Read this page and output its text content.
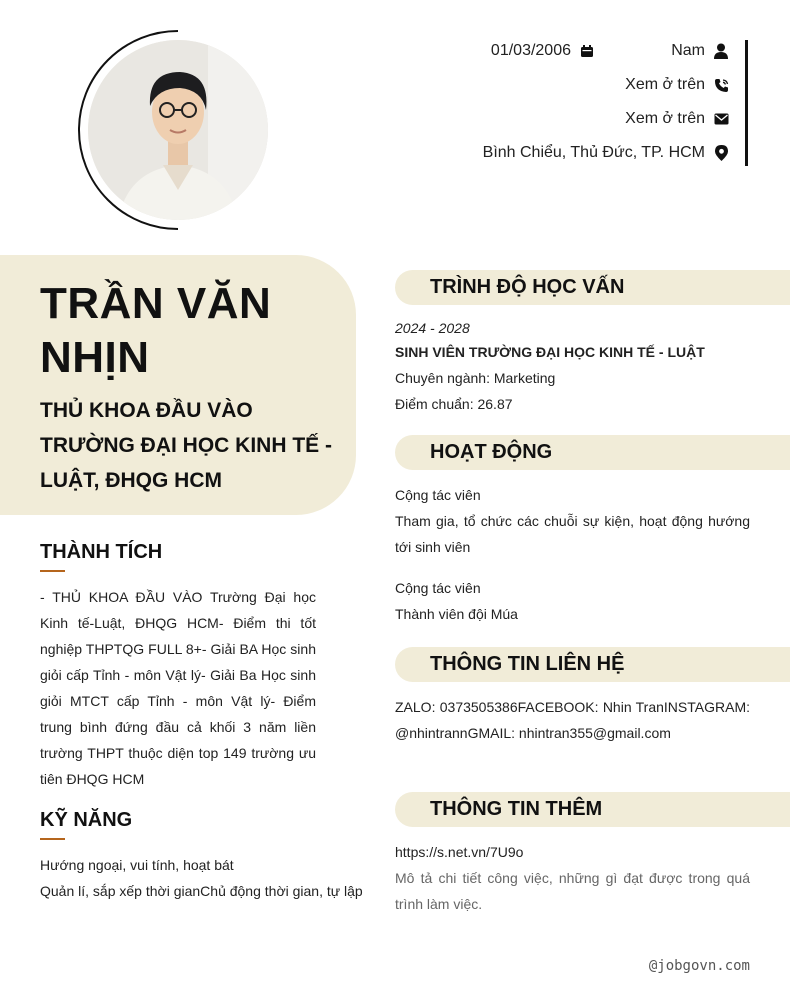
01/03/2006	Nam
Xem ở trên
Xem ở trên
Bình Chiểu, Thủ Đức, TP. HCM
TRẦN VĂN NHỊN
THỦ KHOA ĐẦU VÀO TRƯỜNG ĐẠI HỌC KINH TẾ - LUẬT, ĐHQG HCM
THÀNH TÍCH
- THỦ KHOA ĐẦU VÀO Trường Đại học Kinh tế-Luật, ĐHQG HCM- Điểm thi tốt nghiệp THPTQG FULL 8+- Giải BA Học sinh giỏi cấp Tỉnh - môn Vật lý- Giải Ba Học sinh giỏi MTCT cấp Tỉnh - môn Vật lý- Điểm trung bình đứng đầu cả khối 3 năm liền trường THPT thuộc diện top 149 trường ưu tiên ĐHQG HCM
KỸ NĂNG
Hướng ngoại, vui tính, hoạt bát
Quản lí, sắp xếp thời gianChủ động thời gian, tự lập
TRÌNH ĐỘ HỌC VẤN
2024 - 2028
SINH VIÊN TRƯỜNG ĐẠI HỌC KINH TẾ - LUẬT
Chuyên ngành: Marketing
Điểm chuẩn: 26.87
HOẠT ĐỘNG
Cộng tác viên
Tham gia, tổ chức các chuỗi sự kiện, hoạt động hướng tới sinh viên
Cộng tác viên
Thành viên đội Múa
THÔNG TIN LIÊN HỆ
ZALO: 0373505386FACEBOOK: Nhin TranINSTAGRAM: @nhintrannGMAIL: nhintran355@gmail.com
THÔNG TIN THÊM
https://s.net.vn/7U9o
Mô tả chi tiết công việc, những gì đạt được trong quá trình làm việc.
@jobgovn.com
